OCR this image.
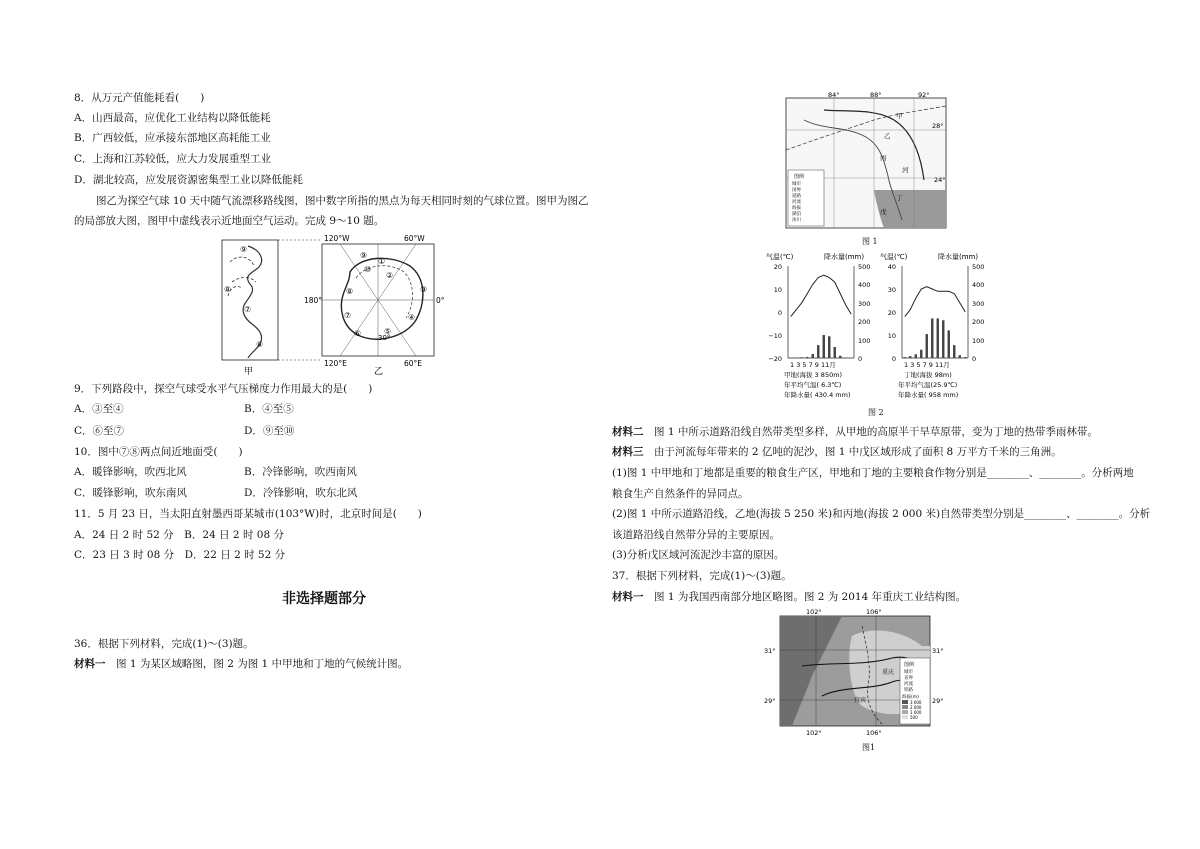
8．从万元产值能耗看(　　)
A．山西最高，应优化工业结构以降低能耗
B．广西较低，应承接东部地区高耗能工业
C．上海和江苏较低，应大力发展重型工业
D．湖北较高，应发展资源密集型工业以降低能耗
图乙为探空气球 10 天中随气流漂移路线图，图中数字所指的黑点为每天相同时刻的气球位置。图甲为图乙
的局部放大图，图甲中虚线表示近地面空气运动。完成 9～10 题。
⑨
⑧
⑦
⑥
120°W	60°W
180°	0°
120°E	60°E
30°
①
②
③
④
⑤
⑥
⑦
⑧
⑨
⑩
甲	乙
9．下列路段中，探空气球受水平气压梯度力作用最大的是(　　)
A．③至④	B．④至⑤
C．⑥至⑦	D．⑨至⑩
10．图中⑦⑧两点间近地面受(　　)
A．暖锋影响，吹西北风	B．冷锋影响，吹西南风
C．暖锋影响，吹东南风	D．冷锋影响，吹东北风
11．5 月 23 日，当太阳直射墨西哥某城市(103°W)时，北京时间是(　　)
A．24 日 2 时 52 分　B．24 日 2 时 08 分
C．23 日 3 时 08 分　D．22 日 2 时 52 分
非选择题部分
36．根据下列材料，完成(1)～(3)题。
材料一　 图 1 为某区域略图，图 2 为图 1 中甲地和丁地的气候统计图。
图例
城市
国界
道路
河流
海拔
湖泊
冰川
84°	88°	92°
28°
24°
甲
乙
丙
河
丁
戊
图 1
气温(℃)	降水量(mm)
20
10
0
−10
−20
500
400
300
200
100
0
1 3 5 7 9 11月
甲地(海拔 3 850m)
年平均气温( 6.3℃)
年降水量( 430.4 mm)
气温(℃)	降水量(mm)
40
30
20
10
0
500
400
300
200
100
0
1 3 5 7 9 11月
丁地(海拔 98m)
年平均气温(25.9℃)
年降水量( 958 mm)
图 2
材料二　 图 1 中所示道路沿线自然带类型多样，从甲地的高原半干旱草原带，变为丁地的热带季雨林带。
材料三　 由于河流每年带来的 2 亿吨的泥沙，图 1 中戊区域形成了面积 8 万平方千米的三角洲。
(1)图 1 中甲地和丁地都是重要的粮食生产区，甲地和丁地的主要粮食作物分别是________、________。分析两地
粮食生产自然条件的异同点。
(2)图 1 中所示道路沿线，乙地(海拔 5 250 米)和丙地(海拔 2 000 米)自然带类型分别是________、________。分析
该道路沿线自然带分异的主要原因。
(3)分析戊区域河流泥沙丰富的原因。
37．根据下列材料，完成(1)～(3)题。
材料一　 图 1 为我国西南部分地区略图。图 2 为 2014 年重庆工业结构图。
图例
城市
省界
河流
铁路
海拔(m)
3 000
2 000
1 000
500
重庆
宜宾
102°	106°
102°	106°
31°	31°
29°	29°
图1
